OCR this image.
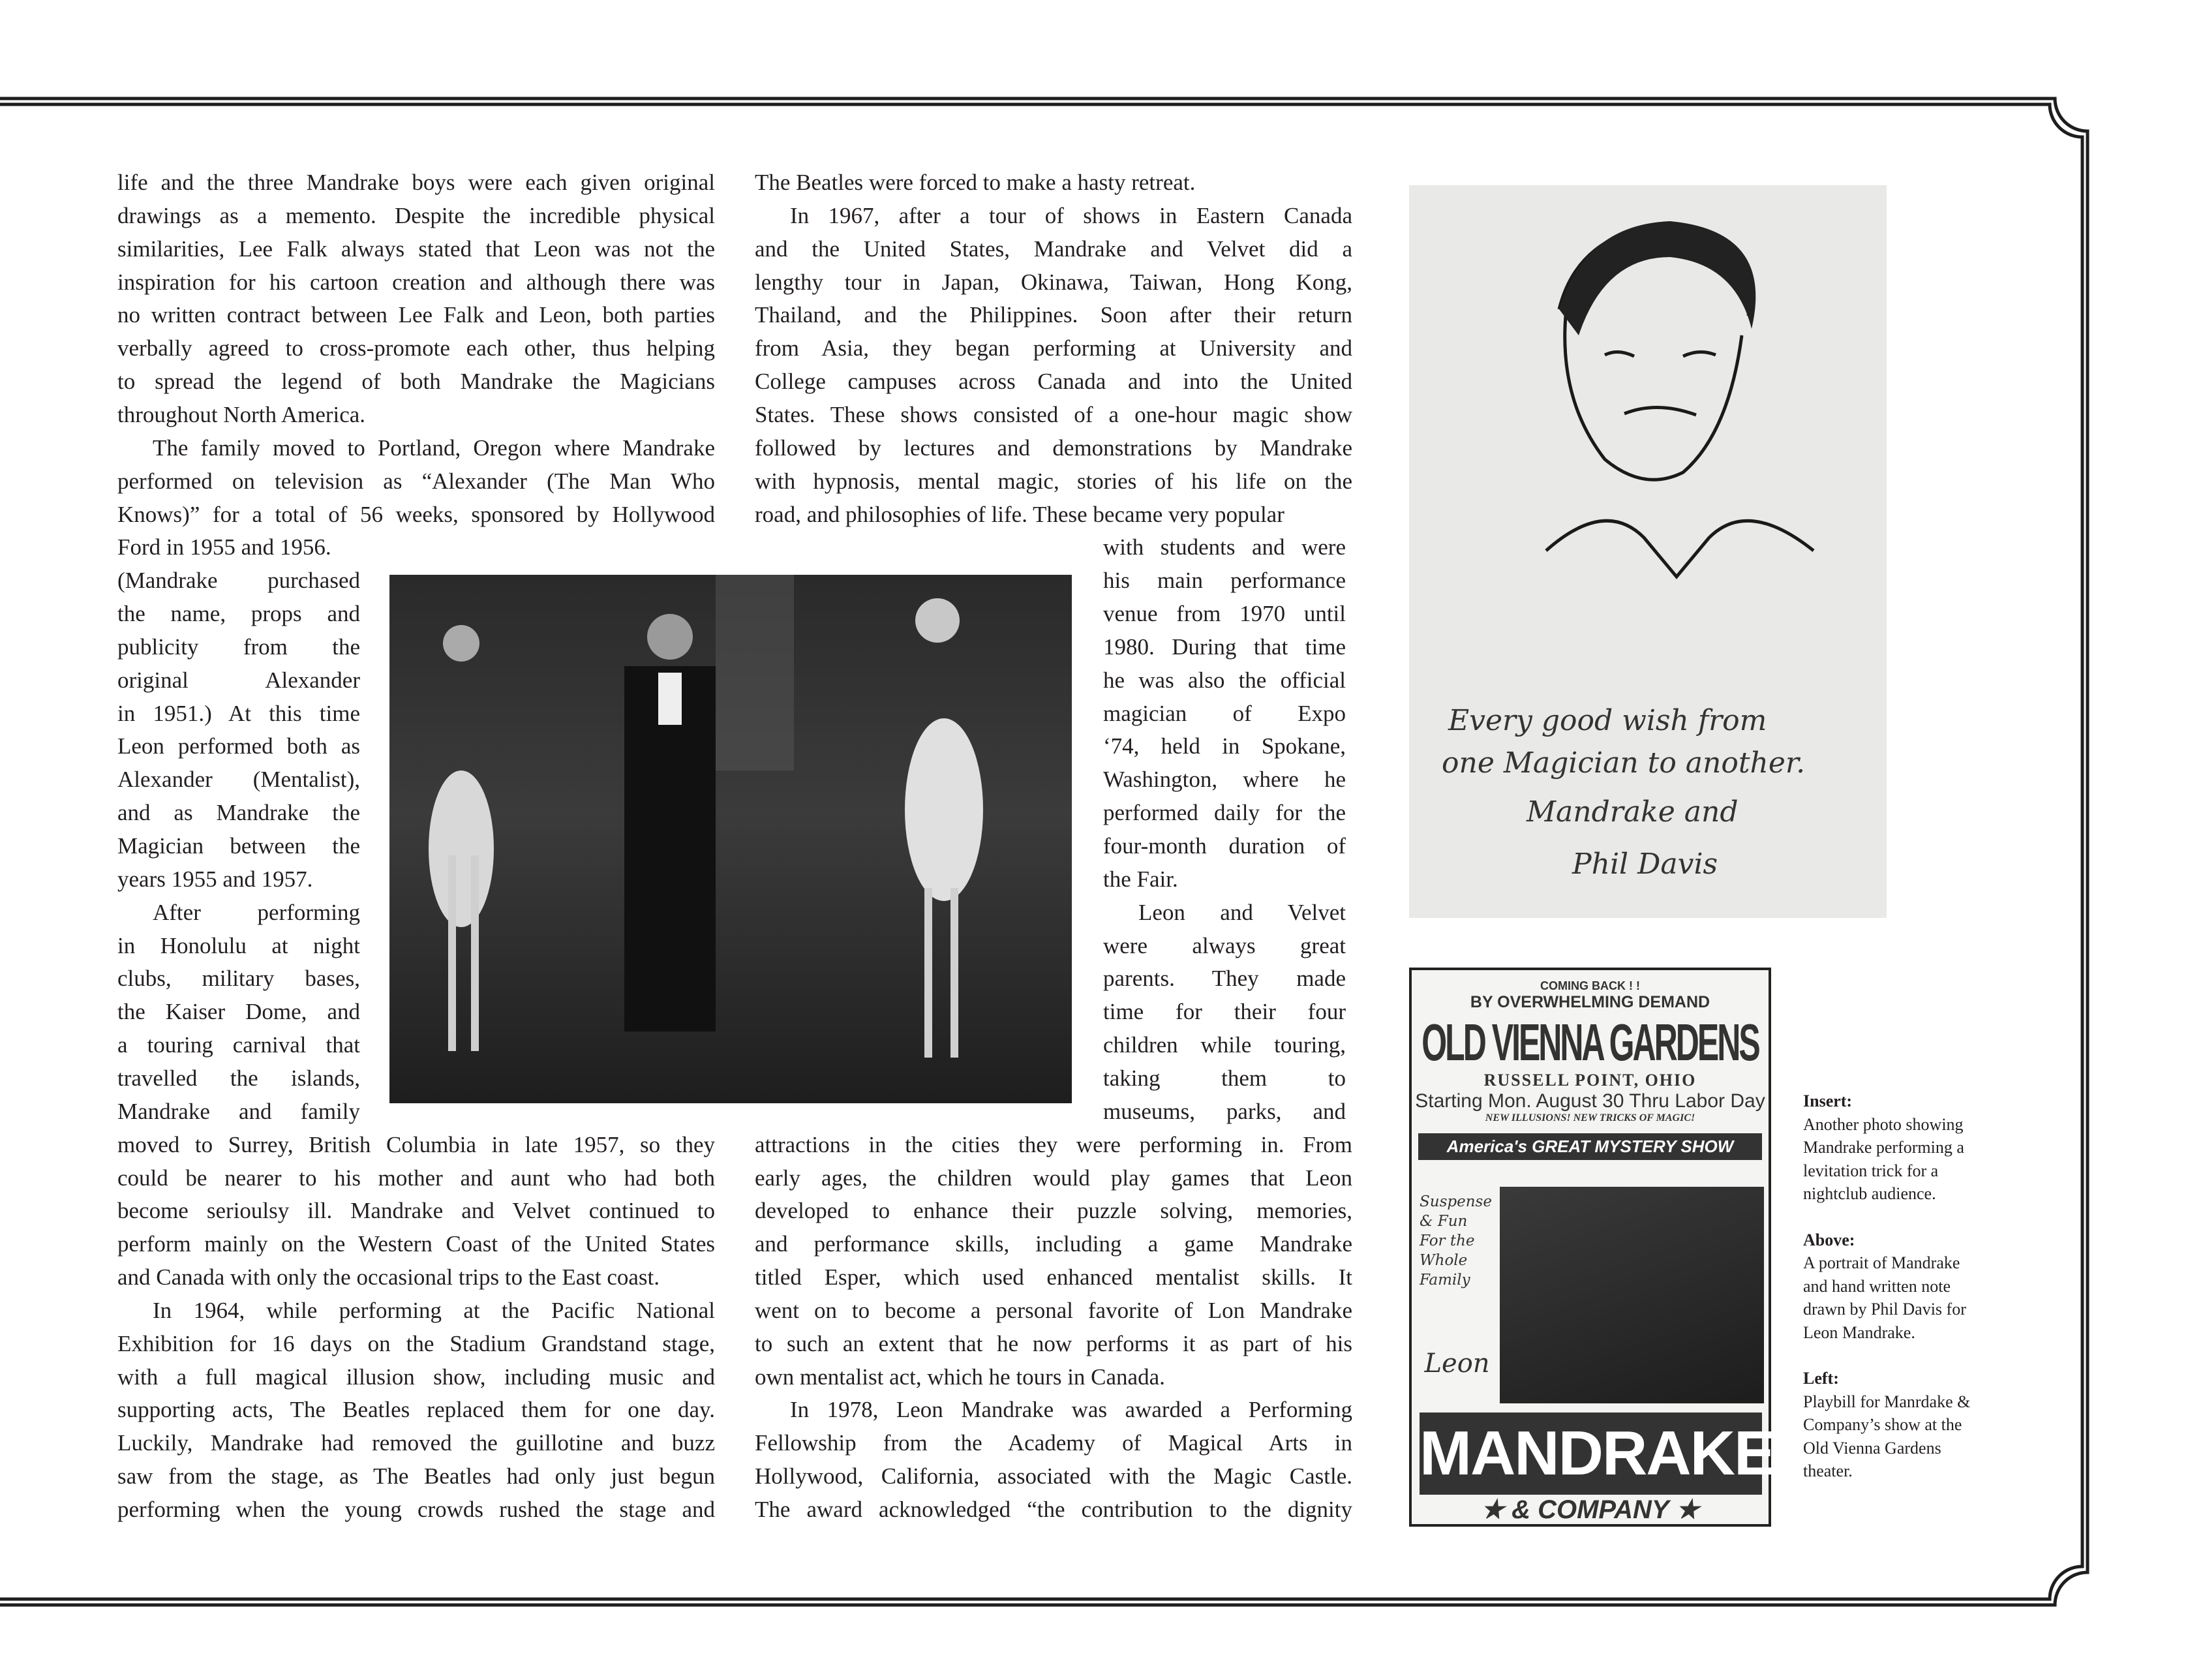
life and the three Mandrake boys were each given original
drawings as a memento. Despite the incredible physical
similarities, Lee Falk always stated that Leon was not the
inspiration for his cartoon creation and although there was
no written contract between Lee Falk and Leon, both parties
verbally agreed to cross-promote each other, thus helping
to spread the legend of both Mandrake the Magicians
throughout North America.
The family moved to Portland, Oregon where Mandrake
performed on television as “Alexander (The Man Who
Knows)” for a total of 56 weeks, sponsored by Hollywood
Ford in 1955 and 1956.
(Mandrake purchased
the name, props and
publicity from the
original Alexander
in 1951.) At this time
Leon performed both as
Alexander (Mentalist),
and as Mandrake the
Magician between the
years 1955 and 1957.
After performing
in Honolulu at night
clubs, military bases,
the Kaiser Dome, and
a touring carnival that
travelled the islands,
Mandrake and family
moved to Surrey, British Columbia in late 1957, so they
could be nearer to his mother and aunt who had both
become serioulsy ill. Mandrake and Velvet continued to
perform mainly on the Western Coast of the United States
and Canada with only the occasional trips to the East coast.
In 1964, while performing at the Pacific National
Exhibition for 16 days on the Stadium Grandstand stage,
with a full magical illusion show, including music and
supporting acts, The Beatles replaced them for one day.
Luckily, Mandrake had removed the guillotine and buzz
saw from the stage, as The Beatles had only just begun
performing when the young crowds rushed the stage and
The Beatles were forced to make a hasty retreat.
In 1967, after a tour of shows in Eastern Canada
and the United States, Mandrake and Velvet did a
lengthy tour in Japan, Okinawa, Taiwan, Hong Kong,
Thailand, and the Philippines. Soon after their return
from Asia, they began performing at University and
College campuses across Canada and into the United
States. These shows consisted of a one-hour magic show
followed by lectures and demonstrations by Mandrake
with hypnosis, mental magic, stories of his life on the
road, and philosophies of life. These became very popular
with students and were
his main performance
venue from 1970 until
1980. During that time
he was also the official
magician of Expo
‘74, held in Spokane,
Washington, where he
performed daily for the
four-month duration of
the Fair.
Leon and Velvet
were always great
parents. They made
time for their four
children while touring,
taking them to
museums, parks, and
attractions in the cities they were performing in. From
early ages, the children would play games that Leon
developed to enhance their puzzle solving, memories,
and performance skills, including a game Mandrake
titled Esper, which used enhanced mentalist skills. It
went on to become a personal favorite of Lon Mandrake
to such an extent that he now performs it as part of his
own mentalist act, which he tours in Canada.
In 1978, Leon Mandrake was awarded a Performing
Fellowship from the Academy of Magical Arts in
Hollywood, California, associated with the Magic Castle.
The award acknowledged “the contribution to the dignity
Every good wish from
one Magician to another.
Mandrake and
Phil Davis
COMING BACK ! !
BY OVERWHELMING DEMAND
OLD VIENNA GARDENS
RUSSELL POINT, OHIO
Starting Mon. August 30 Thru Labor Day
NEW ILLUSIONS! NEW TRICKS OF MAGIC!
America's GREAT MYSTERY SHOW
Suspense & Fun For the Whole Family
Leon
MANDRAKE
★ & COMPANY ★
Insert:
Another photo showing Mandrake performing a levitation trick for a nightclub audience.
Above:
A portrait of Mandrake and hand written note drawn by Phil Davis for Leon Mandrake.
Left:
Playbill for Manrdake & Company’s show at the Old Vienna Gardens theater.
